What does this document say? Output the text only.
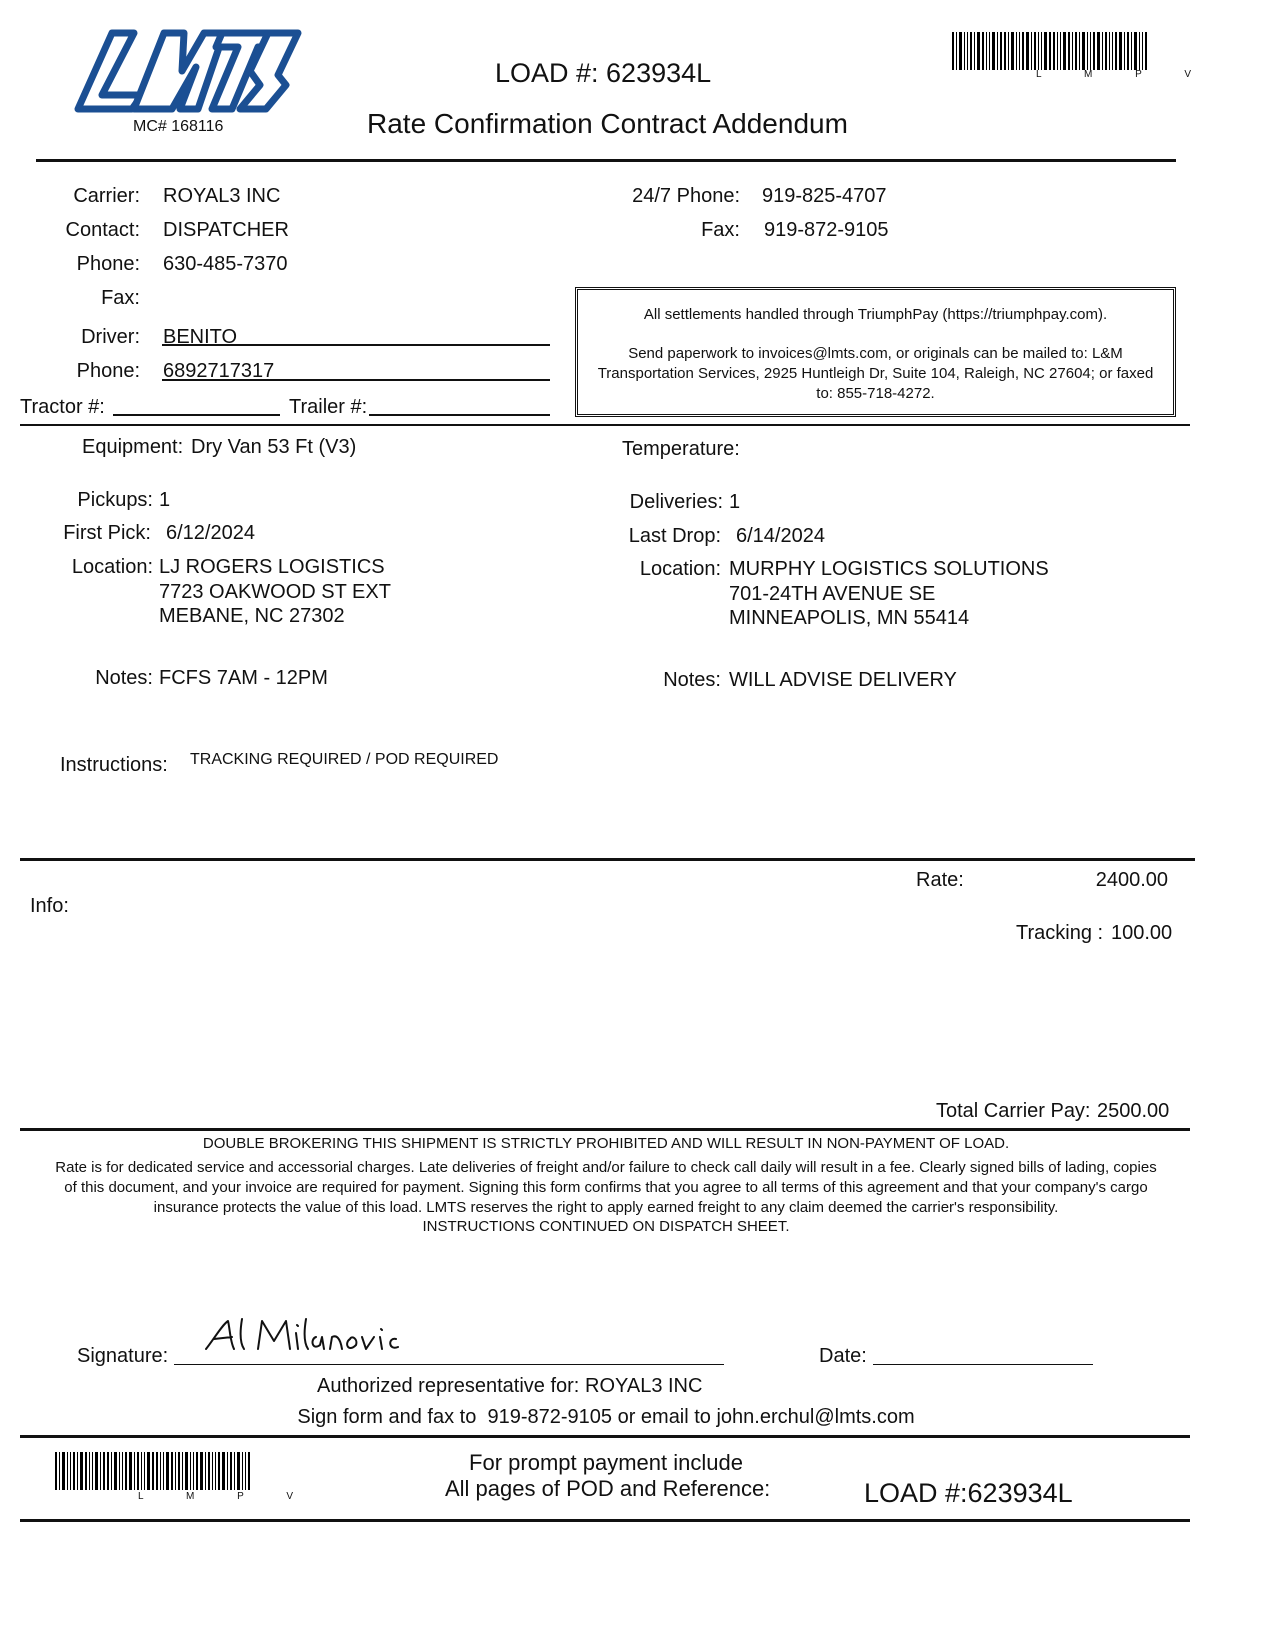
LMTS
MC# 168116
LOAD #: 623934L
Rate Confirmation Contract Addendum
L M P V
Carrier: ROYAL3 INC
Contact: DISPATCHER
Phone: 630-485-7370
Fax:
Driver: BENITO
Phone: 6892717317
Tractor #:	Trailer #:
24/7 Phone: 919-825-4707
Fax: 919-872-9105
All settlements handled through TriumphPay (https://triumphpay.com).
Send paperwork to invoices@lmts.com, or originals can be mailed to: L&M
Transportation Services, 2925 Huntleigh Dr, Suite 104, Raleigh, NC 27604; or faxed
to: 855-718-4272.
Equipment: Dry Van 53 Ft (V3)	Temperature:
Pickups: 1
First Pick: 6/12/2024
Location: LJ ROGERS LOGISTICS
7723 OAKWOOD ST EXT
MEBANE, NC 27302
Notes: FCFS 7AM - 12PM
Deliveries: 1
Last Drop: 6/14/2024
Location: MURPHY LOGISTICS SOLUTIONS
701-24TH AVENUE SE
MINNEAPOLIS, MN 55414
Notes: WILL ADVISE DELIVERY
Instructions: TRACKING REQUIRED / POD REQUIRED
Info:
Rate:	2400.00
Tracking : 100.00
Total Carrier Pay: 2500.00
DOUBLE BROKERING THIS SHIPMENT IS STRICTLY PROHIBITED AND WILL RESULT IN NON-PAYMENT OF LOAD.
Rate is for dedicated service and accessorial charges. Late deliveries of freight and/or failure to check call daily will result in a fee. Clearly signed bills of lading, copies
of this document, and your invoice are required for payment. Signing this form confirms that you agree to all terms of this agreement and that your company's cargo
insurance protects the value of this load. LMTS reserves the right to apply earned freight to any claim deemed the carrier's responsibility.
INSTRUCTIONS CONTINUED ON DISPATCH SHEET.
Signature:
Al Milanovic
Date:
Authorized representative for: ROYAL3 INC
Sign form and fax to  919-872-9105 or email to john.erchul@lmts.com
L M P V
For prompt payment include
All pages of POD and Reference:	LOAD #:623934L
